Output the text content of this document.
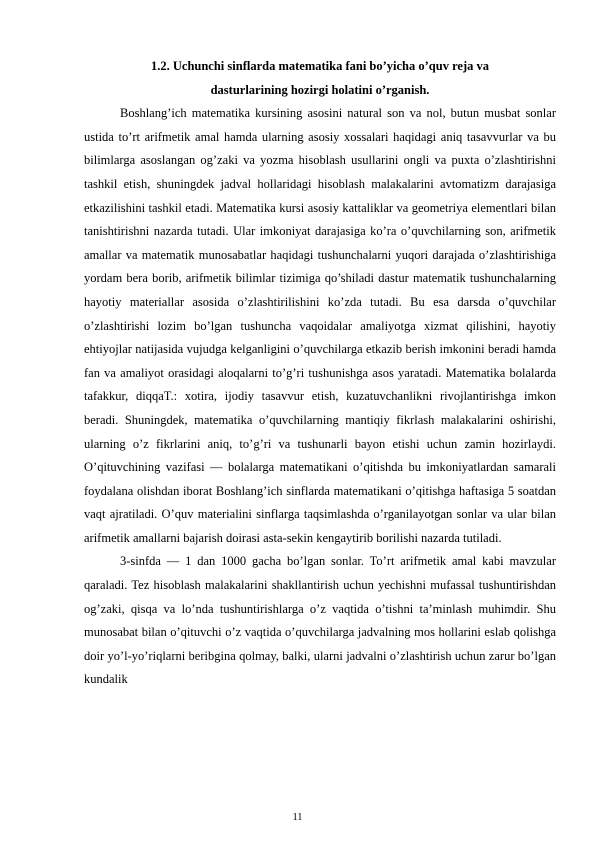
1.2. Uchunchi sinflarda matematika fani bo’yicha o’quv reja va
dasturlarining hozirgi holatini o’rganish.

Boshlang’ich matematika kursining asosini natural son va nol, butun musbat sonlar ustida to’rt arifmetik amal hamda ularning asosiy xossalari haqidagi aniq tasavvurlar va bu bilimlarga asoslangan og’zaki va yozma hisoblash usullarini ongli va puxta o’zlashtirishni tashkil etish, shuningdek jadval hollaridagi hisoblash malakalarini avtomatizm darajasiga etkazilishini tashkil etadi. Matematika kursi asosiy kattaliklar va geometriya elementlari bilan tanishtirishni nazarda tutadi. Ular imkoniyat darajasiga ko’ra o’quvchilarning son, arifmetik amallar va matematik munosabatlar haqidagi tushunchalarni yuqori darajada o’zlashtirishiga yordam bera borib, arifmetik bilimlar tizimiga qo’shiladi dastur matematik tushunchalarning hayotiy materiallar asosida o’zlashtirilishini ko’zda tutadi. Bu esa darsda o’quvchilar o’zlashtirishi lozim bo’lgan tushuncha vaqoidalar amaliyotga xizmat qilishini, hayotiy ehtiyojlar natijasida vujudga kelganligini o’quvchilarga etkazib berish imkonini beradi hamda fan va amaliyot orasidagi aloqalarni to’g’ri tushunishga asos yaratadi. Matematika bolalarda tafakkur, diqqaT.: xotira, ijodiy tasavvur etish, kuzatuvchanlikni rivojlantirishga imkon beradi. Shuningdek, matematika o’quvchilarning mantiqiy fikrlash malakalarini oshirishi, ularning o’z fikrlarini aniq, to’g’ri va tushunarli bayon etishi uchun zamin hozirlaydi. O’qituvchining vazifasi — bolalarga matematikani o’qitishda bu imkoniyatlardan samarali foydalana olishdan iborat Boshlang’ich sinflarda matematikani o’qitishga haftasiga 5 soatdan vaqt ajratiladi. O’quv materialini sinflarga taqsimlashda o’rganilayotgan sonlar va ular bilan arifmetik amallarni bajarish doirasi asta-sekin kengaytirib borilishi nazarda tutiladi.

3-sinfda — 1 dan 1000 gacha bo’lgan sonlar. To’rt arifmetik amal kabi mavzular qaraladi. Tez hisoblash malakalarini shakllantirish uchun yechishni mufassal tushuntirishdan og’zaki, qisqa va lo’nda tushuntirishlarga o’z vaqtida o’tishni ta’minlash muhimdir. Shu munosabat bilan o’qituvchi o’z vaqtida o’quvchilarga jadvalning mos hollarini eslab qolishga doir yo’l-yo’riqlarni beribgina qolmay, balki, ularni jadvalni o’zlashtirish uchun zarur bo’lgan kundalik

11
